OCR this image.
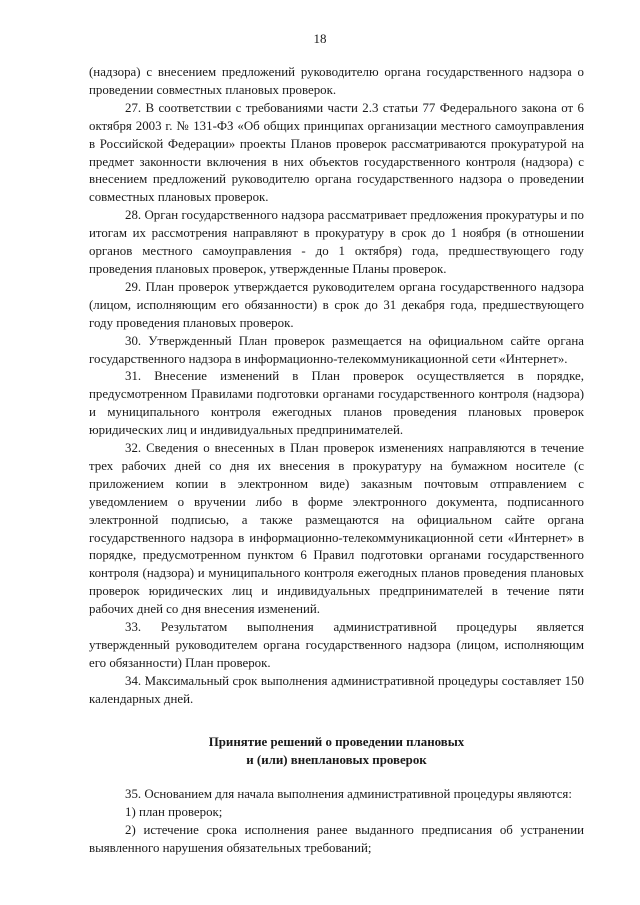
18

(надзора) с внесением предложений руководителю органа государственного надзора о проведении совместных плановых проверок.

27. В соответствии с требованиями части 2.3 статьи 77 Федерального закона от 6 октября 2003 г. № 131-ФЗ «Об общих принципах организации местного самоуправления в Российской Федерации» проекты Планов проверок рассматриваются прокуратурой на предмет законности включения в них объектов государственного контроля (надзора) с внесением предложений руководителю органа государственного надзора о проведении совместных плановых проверок.

28. Орган государственного надзора рассматривает предложения прокуратуры и по итогам их рассмотрения направляют в прокуратуру в срок до 1 ноября (в отношении органов местного самоуправления - до 1 октября) года, предшествующего году проведения плановых проверок, утвержденные Планы проверок.

29. План проверок утверждается руководителем органа государственного надзора (лицом, исполняющим его обязанности) в срок до 31 декабря года, предшествующего году проведения плановых проверок.

30. Утвержденный План проверок размещается на официальном сайте органа государственного надзора в информационно-телекоммуникационной сети «Интернет».

31. Внесение изменений в План проверок осуществляется в порядке, предусмотренном Правилами подготовки органами государственного контроля (надзора) и муниципального контроля ежегодных планов проведения плановых проверок юридических лиц и индивидуальных предпринимателей.

32. Сведения о внесенных в План проверок изменениях направляются в течение трех рабочих дней со дня их внесения в прокуратуру на бумажном носителе (с приложением копии в электронном виде) заказным почтовым отправлением с уведомлением о вручении либо в форме электронного документа, подписанного электронной подписью, а также размещаются на официальном сайте органа государственного надзора в информационно-телекоммуникационной сети «Интернет» в порядке, предусмотренном пунктом 6 Правил подготовки органами государственного контроля (надзора) и муниципального контроля ежегодных планов проведения плановых проверок юридических лиц и индивидуальных предпринимателей в течение пяти рабочих дней со дня внесения изменений.

33. Результатом выполнения административной процедуры является утвержденный руководителем органа государственного надзора (лицом, исполняющим его обязанности) План проверок.

34. Максимальный срок выполнения административной процедуры составляет 150 календарных дней.

Принятие решений о проведении плановых
и (или) внеплановых проверок

35. Основанием для начала выполнения административной процедуры являются:

1) план проверок;

2) истечение срока исполнения ранее выданного предписания об устранении выявленного нарушения обязательных требований;
